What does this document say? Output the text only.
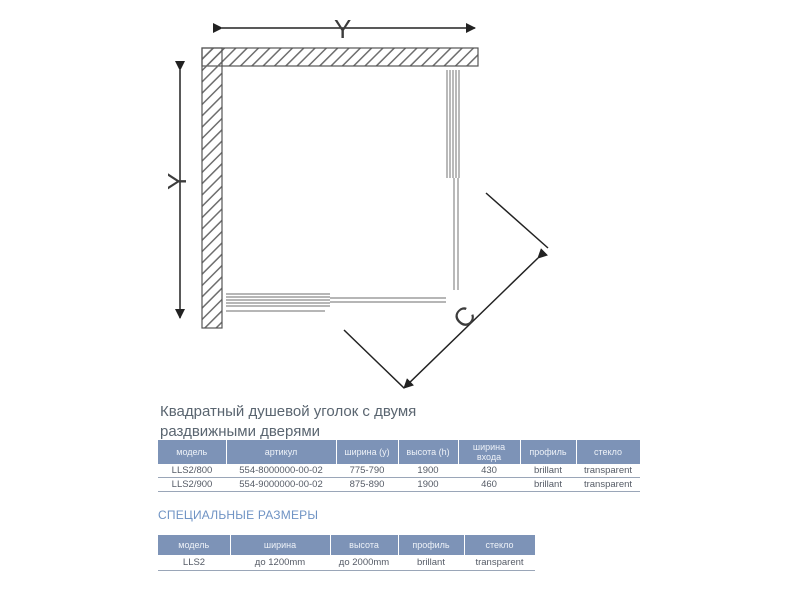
Y
Y
C
Квадратный душевой уголок с двумя
раздвижными дверями
модель	артикул	ширина (y)	высота (h)	ширина входа	профиль	стекло
LLS2/800	554-8000000-00-02	775-790	1900	430	brillant	transparent
LLS2/900	554-9000000-00-02	875-890	1900	460	brillant	transparent
СПЕЦИАЛЬНЫЕ РАЗМЕРЫ
модель	ширина	высота	профиль	стекло
LLS2	до 1200mm	до 2000mm	brillant	transparent
